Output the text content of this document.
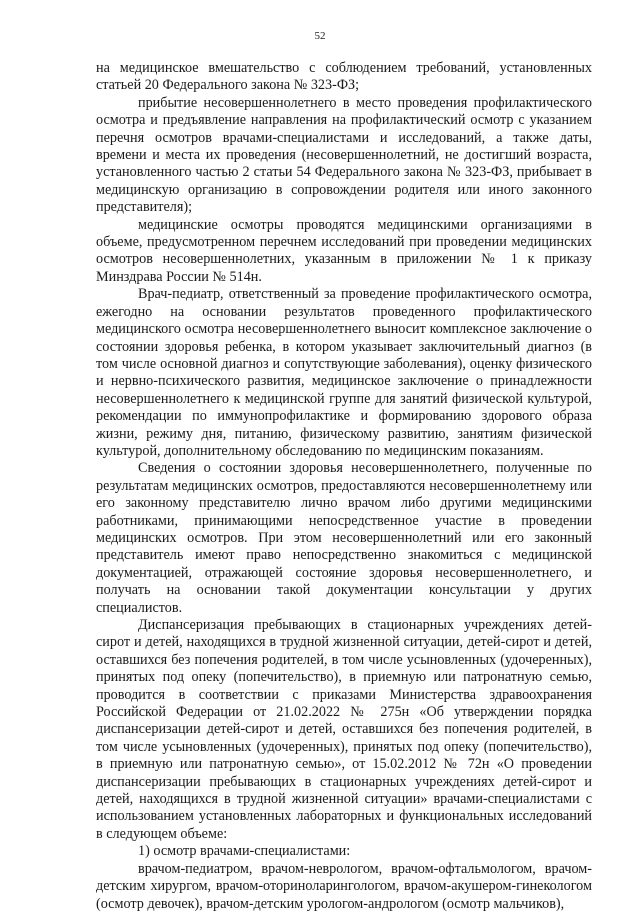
52

на медицинское вмешательство с соблюдением требований, установленных статьей 20 Федерального закона № 323-ФЗ;

прибытие несовершеннолетнего в место проведения профилактического осмотра и предъявление направления на профилактический осмотр с указанием перечня осмотров врачами-специалистами и исследований, а также даты, времени и места их проведения (несовершеннолетний, не достигший возраста, установленного частью 2 статьи 54 Федерального закона № 323-ФЗ, прибывает в медицинскую организацию в сопровождении родителя или иного законного представителя);

медицинские осмотры проводятся медицинскими организациями в объеме, предусмотренном перечнем исследований при проведении медицинских осмотров несовершеннолетних, указанным в приложении № 1 к приказу Минздрава России № 514н.

Врач-педиатр, ответственный за проведение профилактического осмотра, ежегодно на основании результатов проведенного профилактического медицинского осмотра несовершеннолетнего выносит комплексное заключение о состоянии здоровья ребенка, в котором указывает заключительный диагноз (в том числе основной диагноз и сопутствующие заболевания), оценку физического и нервно-психического развития, медицинское заключение о принадлежности несовершеннолетнего к медицинской группе для занятий физической культурой, рекомендации по иммунопрофилактике и формированию здорового образа жизни, режиму дня, питанию, физическому развитию, занятиям физической культурой, дополнительному обследованию по медицинским показаниям.

Сведения о состоянии здоровья несовершеннолетнего, полученные по результатам медицинских осмотров, предоставляются несовершеннолетнему или его законному представителю лично врачом либо другими медицинскими работниками, принимающими непосредственное участие в проведении медицинских осмотров. При этом несовершеннолетний или его законный представитель имеют право непосредственно знакомиться с медицинской документацией, отражающей состояние здоровья несовершеннолетнего, и получать на основании такой документации консультации у других специалистов.

Диспансеризация пребывающих в стационарных учреждениях детей-сирот и детей, находящихся в трудной жизненной ситуации, детей-сирот и детей, оставшихся без попечения родителей, в том числе усыновленных (удочеренных), принятых под опеку (попечительство), в приемную или патронатную семью, проводится в соответствии с приказами Министерства здравоохранения Российской Федерации от 21.02.2022 № 275н «Об утверждении порядка диспансеризации детей-сирот и детей, оставшихся без попечения родителей, в том числе усыновленных (удочеренных), принятых под опеку (попечительство), в приемную или патронатную семью», от 15.02.2012 № 72н «О проведении диспансеризации пребывающих в стационарных учреждениях детей-сирот и детей, находящихся в трудной жизненной ситуации» врачами-специалистами с использованием установленных лабораторных и функциональных исследований в следующем объеме:

1) осмотр врачами-специалистами:

врачом-педиатром, врачом-неврологом, врачом-офтальмологом, врачом-детским хирургом, врачом-оториноларингологом, врачом-акушером-гинекологом (осмотр девочек), врачом-детским урологом-андрологом (осмотр мальчиков),
